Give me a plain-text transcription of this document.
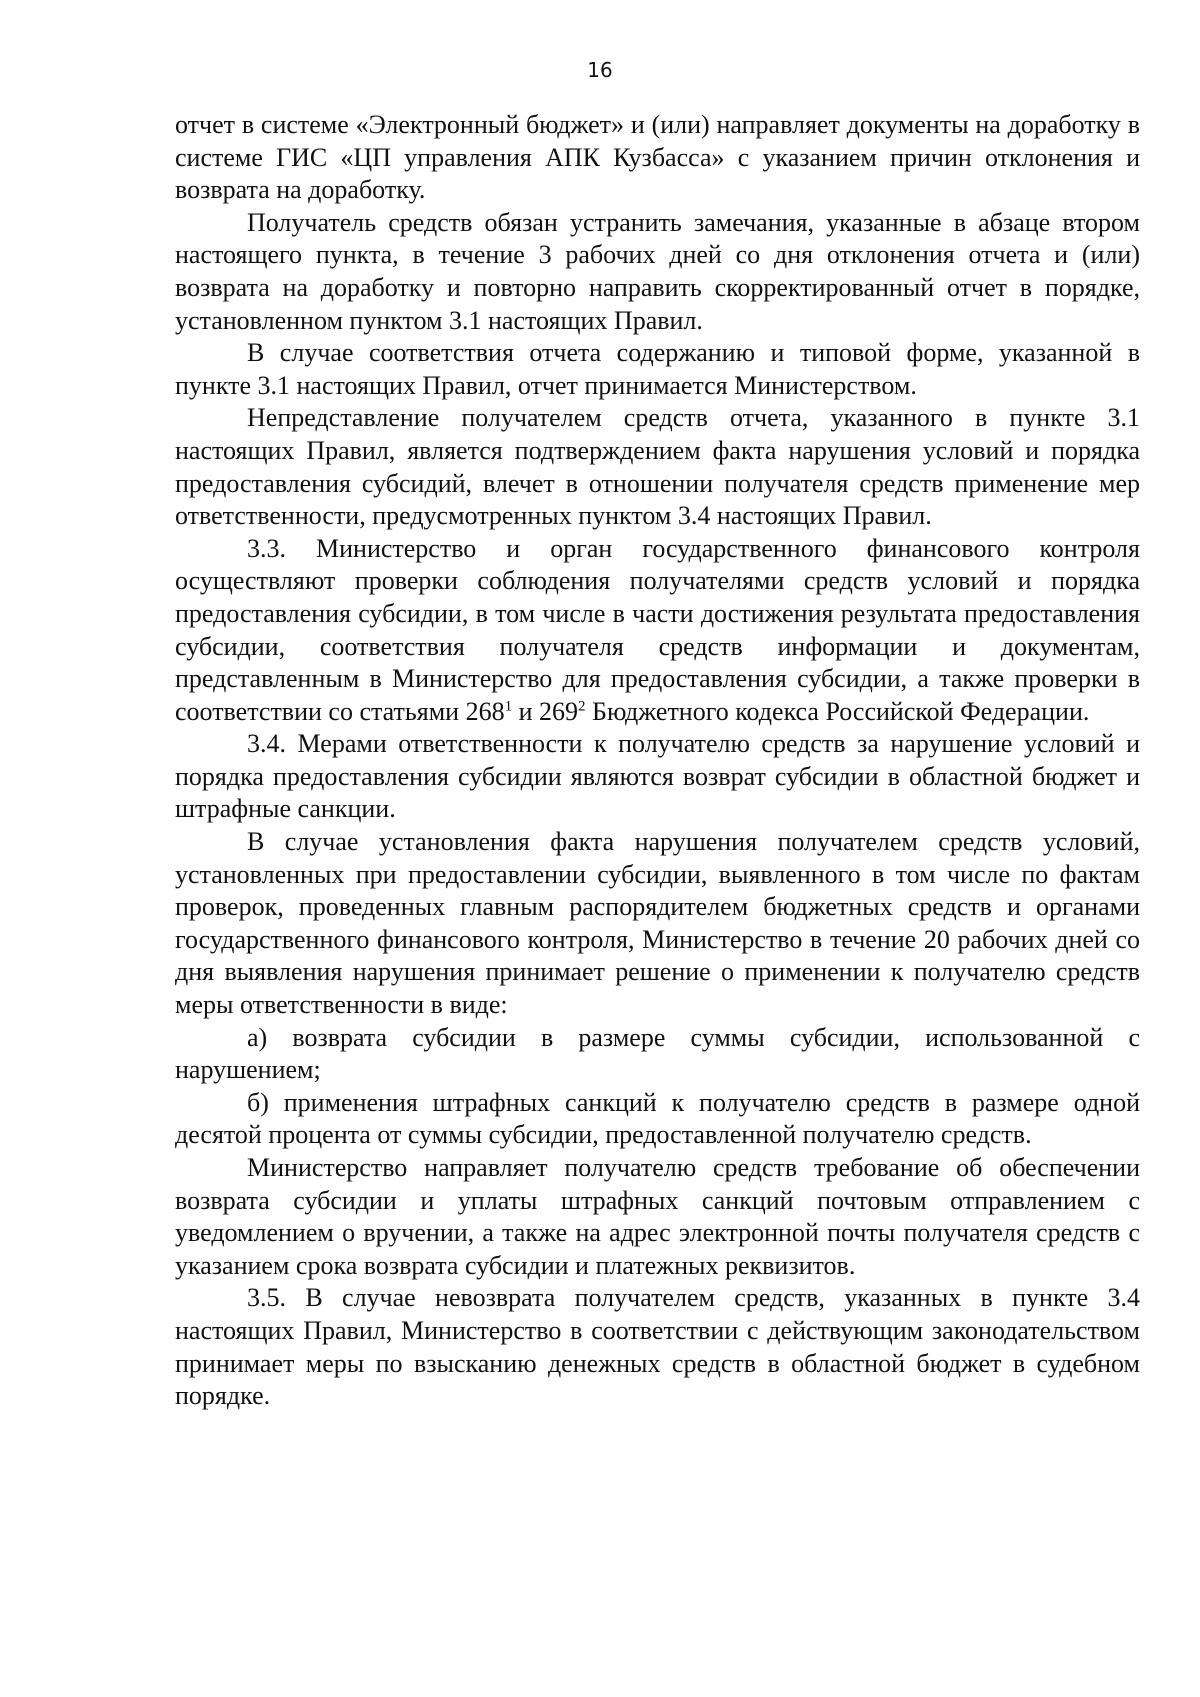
16

отчет в системе «Электронный бюджет» и (или) направляет документы на доработку в системе ГИС «ЦП управления АПК Кузбасса» с указанием причин отклонения и возврата на доработку.

Получатель средств обязан устранить замечания, указанные в абзаце втором настоящего пункта, в течение 3 рабочих дней со дня отклонения отчета и (или) возврата на доработку и повторно направить скорректированный отчет в порядке, установленном пунктом 3.1 настоящих Правил.

В случае соответствия отчета содержанию и типовой форме, указанной в пункте 3.1 настоящих Правил, отчет принимается Министерством.

Непредставление получателем средств отчета, указанного в пункте 3.1 настоящих Правил, является подтверждением факта нарушения условий и порядка предоставления субсидий, влечет в отношении получателя средств применение мер ответственности, предусмотренных пунктом 3.4 настоящих Правил.

3.3. Министерство и орган государственного финансового контроля осуществляют проверки соблюдения получателями средств условий и порядка предоставления субсидии, в том числе в части достижения результата предоставления субсидии, соответствия получателя средств информации и документам, представленным в Министерство для предоставления субсидии, а также проверки в соответствии со статьями $268^1$ и $269^2$ Бюджетного кодекса Российской Федерации.

3.4. Мерами ответственности к получателю средств за нарушение условий и порядка предоставления субсидии являются возврат субсидии в областной бюджет и штрафные санкции.

В случае установления факта нарушения получателем средств условий, установленных при предоставлении субсидии, выявленного в том числе по фактам проверок, проведенных главным распорядителем бюджетных средств и органами государственного финансового контроля, Министерство в течение 20 рабочих дней со дня выявления нарушения принимает решение о применении к получателю средств меры ответственности в виде:

а) возврата субсидии в размере суммы субсидии, использованной с нарушением;

б) применения штрафных санкций к получателю средств в размере одной десятой процента от суммы субсидии, предоставленной получателю средств.

Министерство направляет получателю средств требование об обеспечении возврата субсидии и уплаты штрафных санкций почтовым отправлением с уведомлением о вручении, а также на адрес электронной почты получателя средств с указанием срока возврата субсидии и платежных реквизитов.

3.5. В случае невозврата получателем средств, указанных в пункте 3.4 настоящих Правил, Министерство в соответствии с действующим законодательством принимает меры по взысканию денежных средств в областной бюджет в судебном порядке.
